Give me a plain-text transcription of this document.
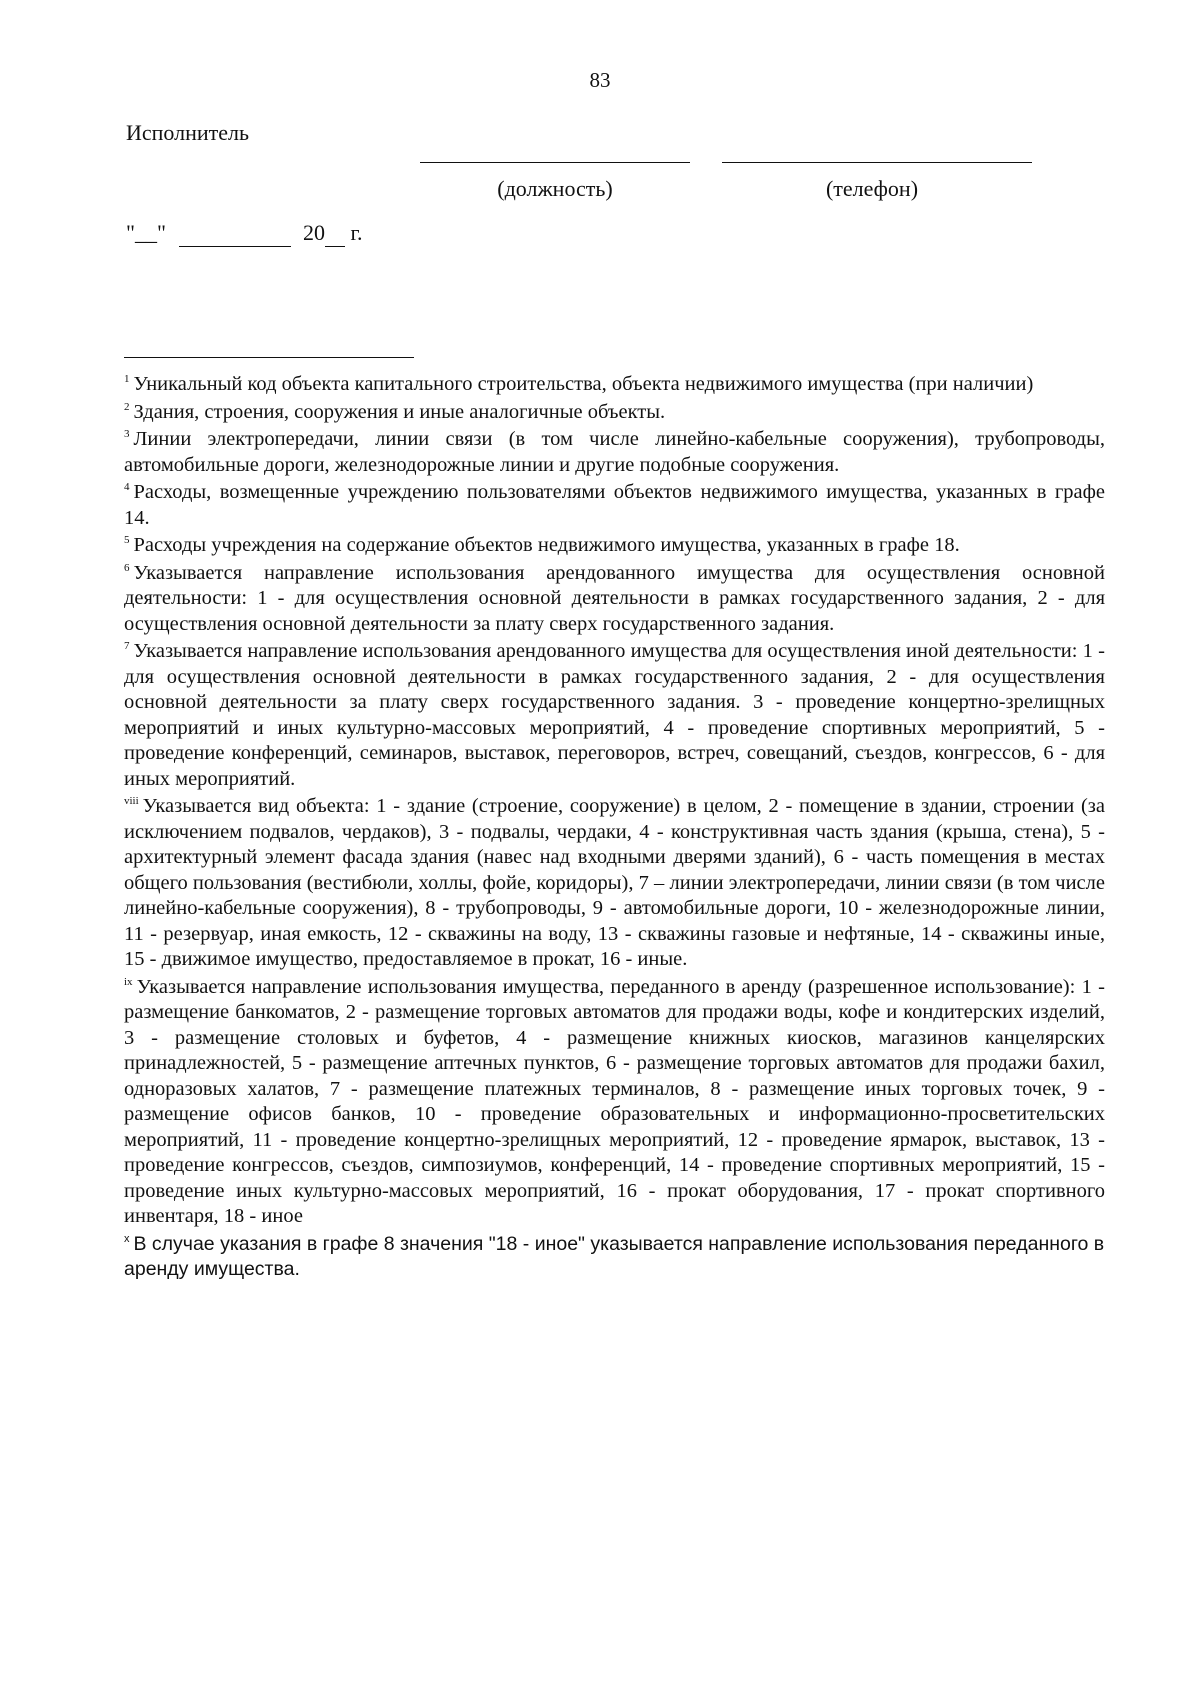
83
Исполнитель
(должность)	(телефон)
"__"	20 г.

$^1$ Уникальный код объекта капитального строительства, объекта недвижимого имущества (при наличии)

$^2$ Здания, строения, сооружения и иные аналогичные объекты.

$^3$ Линии электропередачи, линии связи (в том числе линейно-кабельные сооружения), трубопроводы, автомобильные дороги, железнодорожные линии и другие подобные сооружения.

$^4$ Расходы, возмещенные учреждению пользователями объектов недвижимого имущества, указанных в графе 14.

$^5$ Расходы учреждения на содержание объектов недвижимого имущества, указанных в графе 18.

$^6$ Указывается направление использования арендованного имущества для осуществления основной деятельности: 1 - для осуществления основной деятельности в рамках государственного задания, 2 - для осуществления основной деятельности за плату сверх государственного задания.

$^7$ Указывается направление использования арендованного имущества для осуществления иной деятельности: 1 - для осуществления основной деятельности в рамках государственного задания, 2 - для осуществления основной деятельности за плату сверх государственного задания. 3 - проведение концертно-зрелищных мероприятий и иных культурно-массовых мероприятий, 4 - проведение спортивных мероприятий, 5 - проведение конференций, семинаров, выставок, переговоров, встреч, совещаний, съездов, конгрессов, 6 - для иных мероприятий.

$^{viii}$ Указывается вид объекта: 1 - здание (строение, сооружение) в целом, 2 - помещение в здании, строении (за исключением подвалов, чердаков), 3 - подвалы, чердаки, 4 - конструктивная часть здания (крыша, стена), 5 - архитектурный элемент фасада здания (навес над входными дверями зданий), 6 - часть помещения в местах общего пользования (вестибюли, холлы, фойе, коридоры), 7 – линии электропередачи, линии связи (в том числе линейно-кабельные сооружения), 8 - трубопроводы, 9 - автомобильные дороги, 10 - железнодорожные линии, 11 - резервуар, иная емкость, 12 - скважины на воду, 13 - скважины газовые и нефтяные, 14 - скважины иные, 15 - движимое имущество, предоставляемое в прокат, 16 - иные.

$^{ix}$ Указывается направление использования имущества, переданного в аренду (разрешенное использование): 1 - размещение банкоматов, 2 - размещение торговых автоматов для продажи воды, кофе и кондитерских изделий, 3 - размещение столовых и буфетов, 4 - размещение книжных киосков, магазинов канцелярских принадлежностей, 5 - размещение аптечных пунктов, 6 - размещение торговых автоматов для продажи бахил, одноразовых халатов, 7 - размещение платежных терминалов, 8 - размещение иных торговых точек, 9 - размещение офисов банков, 10 - проведение образовательных и информационно-просветительских мероприятий, 11 - проведение концертно-зрелищных мероприятий, 12 - проведение ярмарок, выставок, 13 - проведение конгрессов, съездов, симпозиумов, конференций, 14 - проведение спортивных мероприятий, 15 - проведение иных культурно-массовых мероприятий, 16 - прокат оборудования, 17 - прокат спортивного инвентаря, 18 - иное

$^x$ В случае указания в графе 8 значения "18 - иное" указывается направление использования переданного в аренду имущества.
